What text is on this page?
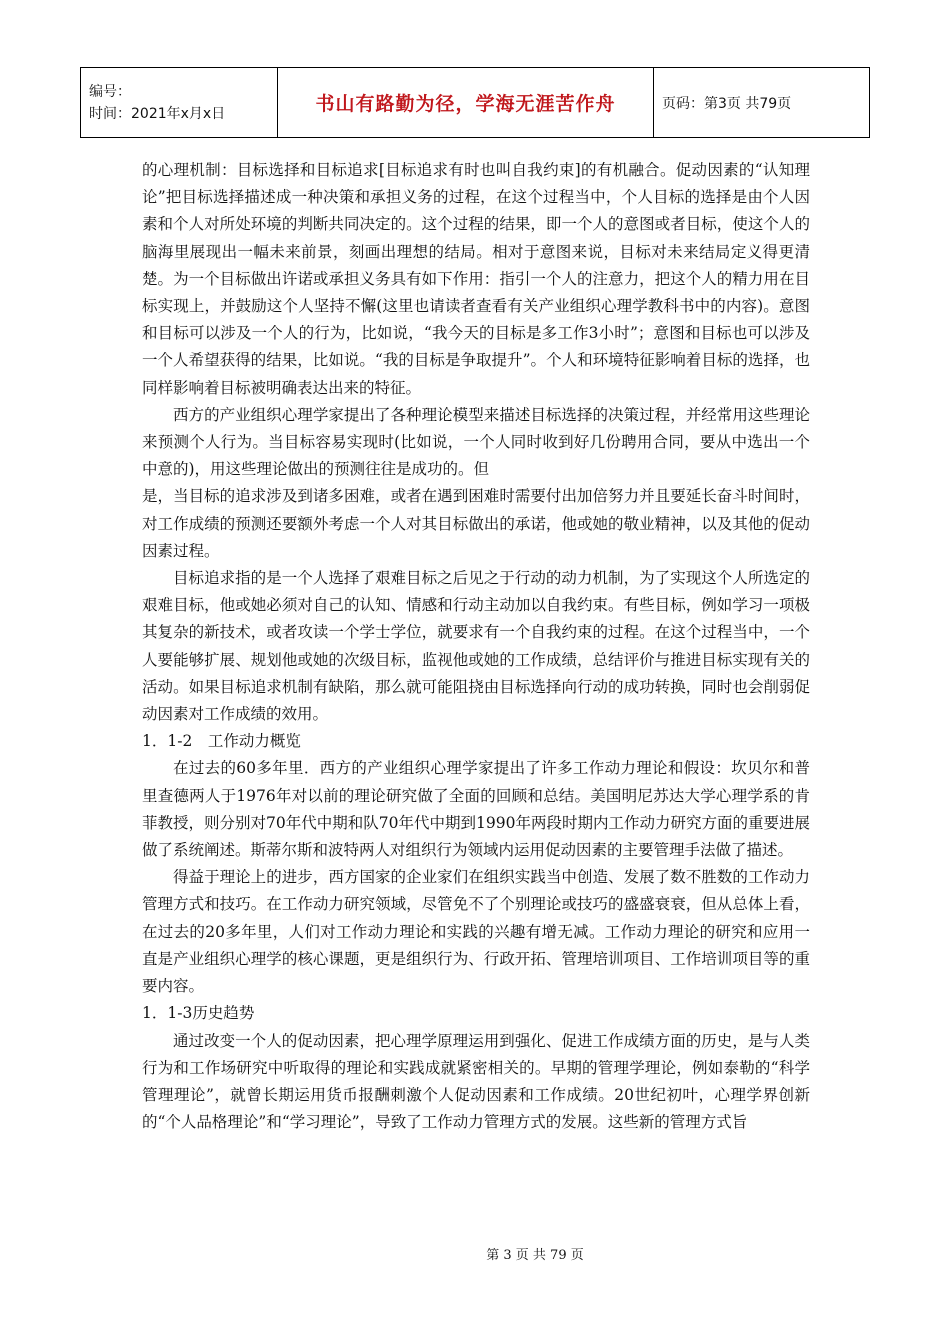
编号：
时间：2021年x月x日	书山有路勤为径，学海无涯苦作舟	页码：第3页 共79页

的心理机制：目标选择和目标追求[目标追求有时也叫自我约束]的有机融合。促动因素的“认知理论”把目标选择描述成一种决策和承担义务的过程，在这个过程当中，个人目标的选择是由个人因素和个人对所处环境的判断共同决定的。这个过程的结果，即一个人的意图或者目标，使这个人的脑海里展现出一幅未来前景，刻画出理想的结局。相对于意图来说，目标对未来结局定义得更清楚。为一个目标做出许诺或承担义务具有如下作用：指引一个人的注意力，把这个人的精力用在目标实现上，并鼓励这个人坚持不懈(这里也请读者查看有关产业组织心理学教科书中的内容)。意图和目标可以涉及一个人的行为，比如说，“我今天的目标是多工作3小时”；意图和目标也可以涉及一个人希望获得的结果，比如说。“我的目标是争取提升”。个人和环境特征影响着目标的选择，也同样影响着目标被明确表达出来的特征。

西方的产业组织心理学家提出了各种理论模型来描述目标选择的决策过程，并经常用这些理论来预测个人行为。当目标容易实现时(比如说，一个人同时收到好几份聘用合同，要从中选出一个中意的)，用这些理论做出的预测往往是成功的。但

是，当目标的追求涉及到诸多困难，或者在遇到困难时需要付出加倍努力并且要延长奋斗时间时，对工作成绩的预测还要额外考虑一个人对其目标做出的承诺，他或她的敬业精神，以及其他的促动因素过程。

目标追求指的是一个人选择了艰难目标之后见之于行动的动力机制，为了实现这个人所选定的艰难目标，他或她必须对自己的认知、情感和行动主动加以自我约束。有些目标，例如学习一项极其复杂的新技术，或者攻读一个学士学位，就要求有一个自我约束的过程。在这个过程当中，一个人要能够扩展、规划他或她的次级目标，监视他或她的工作成绩，总结评价与推进目标实现有关的活动。如果目标追求机制有缺陷，那么就可能阻挠由目标选择向行动的成功转换，同时也会削弱促动因素对工作成绩的效用。

1．1-2　工作动力概览

在过去的60多年里．西方的产业组织心理学家提出了许多工作动力理论和假设：坎贝尔和普里查德两人于1976年对以前的理论研究做了全面的回顾和总结。美国明尼苏达大学心理学系的肯菲教授，则分别对70年代中期和队70年代中期到1990年两段时期内工作动力研究方面的重要进展做了系统阐述。斯蒂尔斯和波特两人对组织行为领域内运用促动因素的主要管理手法做了描述。

得益于理论上的进步，西方国家的企业家们在组织实践当中创造、发展了数不胜数的工作动力管理方式和技巧。在工作动力研究领域，尽管免不了个别理论或技巧的盛盛衰衰，但从总体上看，在过去的20多年里，人们对工作动力理论和实践的兴趣有增无减。工作动力理论的研究和应用一直是产业组织心理学的核心课题，更是组织行为、行政开拓、管理培训项目、工作培训项目等的重要内容。

1．1-3历史趋势

通过改变一个人的促动因素，把心理学原理运用到强化、促进工作成绩方面的历史，是与人类行为和工作场研究中听取得的理论和实践成就紧密相关的。早期的管理学理论，例如泰勒的“科学管理理论”，就曾长期运用货币报酬刺激个人促动因素和工作成绩。20世纪初叶，心理学界创新的“个人品格理论”和“学习理论”，导致了工作动力管理方式的发展。这些新的管理方式旨

第 3 页 共 79 页
